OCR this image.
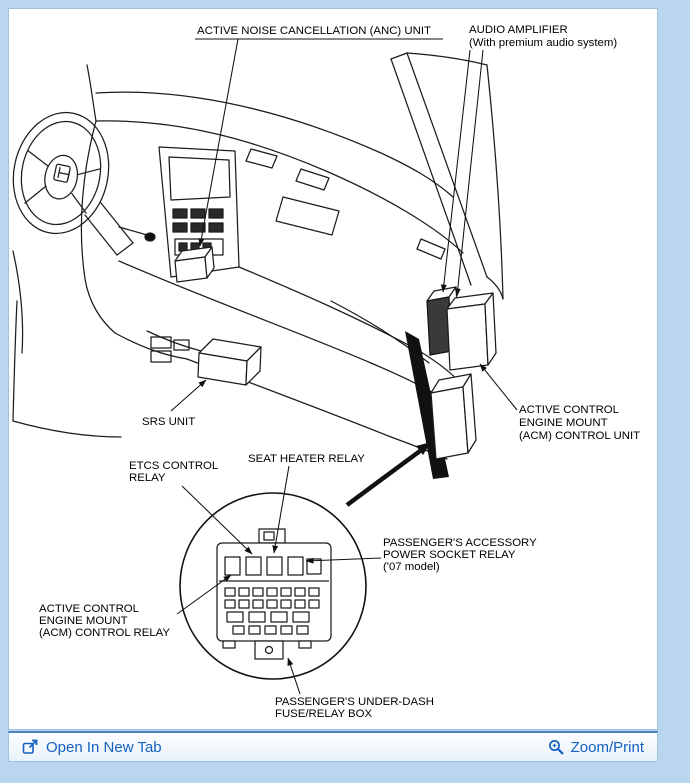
ACTIVE NOISE CANCELLATION (ANC) UNIT	AUDIO AMPLIFIER
(With premium audio system)
SRS UNIT
ACTIVE CONTROL
ENGINE MOUNT
(ACM) CONTROL UNIT
ETCS CONTROL
RELAY
SEAT HEATER RELAY
PASSENGER'S ACCESSORY
POWER SOCKET RELAY
('07 model)
ACTIVE CONTROL
ENGINE MOUNT
(ACM) CONTROL RELAY
PASSENGER'S UNDER-DASH
FUSE/RELAY BOX
Open In New Tab	Zoom/Print
